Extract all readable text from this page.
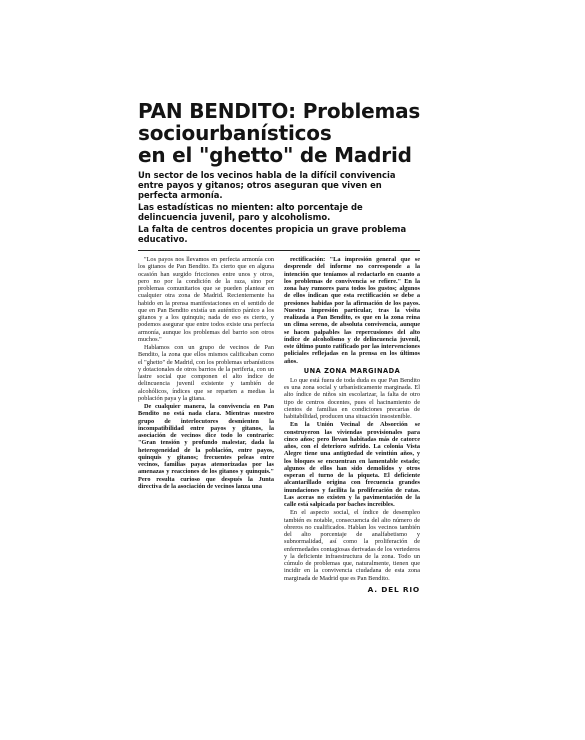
PAN BENDITO: Problemas
sociourbanísticos
en el "ghetto" de Madrid

Un sector de los vecinos habla de la difícil convivencia entre payos y gitanos; otros aseguran que viven en perfecta armonía.

Las estadísticas no mienten: alto porcentaje de delincuencia juvenil, paro y alcoholismo.

La falta de centros docentes propicia un grave problema educativo.

"Los payos nos llevamos en perfecta armonía con los gitanos de Pan Bendito. Es cierto que en alguna ocasión han surgido fricciones entre unos y otros, pero no por la condición de la raza, sino por problemas comunitarios que se pueden plantear en cualquier otra zona de Madrid. Recientemente ha habido en la prensa manifestaciones en el sentido de que en Pan Bendito existía un auténtico pánico a los gitanos y a los quinquis; nada de eso es cierto, y podemos asegurar que entre todos existe una perfecta armonía, aunque los problemas del barrio son otros muchos."

Hablamos con un grupo de vecinos de Pan Bendito, la zona que ellos mismos calificaban como el "ghetto" de Madrid, con los problemas urbanísticos y dotacionales de otros barrios de la periferia, con un lastre social que componen el alto índice de delincuencia juvenil existente y también de alcohólicos, índices que se reparten a medias la población paya y la gitana.

De cualquier manera, la convivencia en Pan Bendito no está nada clara. Mientras nuestro grupo de interlocutores desmienten la incompatibilidad entre payos y gitanos, la asociación de vecinos dice todo lo contrario: "Gran tensión y profundo malestar, dada la heterogeneidad de la población, entre payos, quinquis y gitanos; frecuentes peleas entre vecinos, familias payas atemorizadas por las amenazas y reacciones de los gitanos y quinquis." Pero resulta curioso que después la Junta directiva de la asociación de vecinos lanza una

rectificación: "La impresión general que se desprende del informe no corresponde a la intención que teníamos al redactarlo en cuanto a los problemas de convivencia se refiere." En la zona hay rumores para todos los gustos; algunos de ellos indican que esta rectificación se debe a presiones habidas por la afirmación de los payos. Nuestra impresión particular, tras la visita realizada a Pan Bendito, es que en la zona reina un clima sereno, de absoluta convivencia, aunque se hacen palpables las repercusiones del alto índice de alcoholismo y de delincuencia juvenil, este último punto ratificado por las intervenciones policiales reflejadas en la prensa en los últimos años.

UNA ZONA MARGINADA

Lo que está fuera de toda duda es que Pan Bendito es una zona social y urbanísticamente marginada. El alto índice de niños sin escolarizar, la falta de otro tipo de centros docentes, pues el hacinamiento de cientos de familias en condiciones precarias de habitabilidad, producen una situación insostenible.

En la Unión Vecinal de Absorción se construyeron las viviendas provisionales para cinco años; pero llevan habitadas más de catorce años, con el deterioro sufrido. La colonia Vista Alegre tiene una antigüedad de veintiún años, y los bloques se encuentran en lamentable estado; algunos de ellos han sido demolidos y otros esperan el turno de la piqueta. El deficiente alcantarillado origina con frecuencia grandes inundaciones y facilita la proliferación de ratas. Las aceras no existen y la pavimentación de la calle está salpicada por baches increíbles.

En el aspecto social, el índice de desempleo también es notable, consecuencia del alto número de obreros no cualificados. Hablan los vecinos también del alto porcentaje de analfabetismo y subnormalidad, así como la proliferación de enfermedades contagiosas derivadas de los vertederos y la deficiente infraestructura de la zona. Todo un cúmulo de problemas que, naturalmente, tienen que incidir en la convivencia ciudadana de esta zona marginada de Madrid que es Pan Bendito.

A. DEL RIO
